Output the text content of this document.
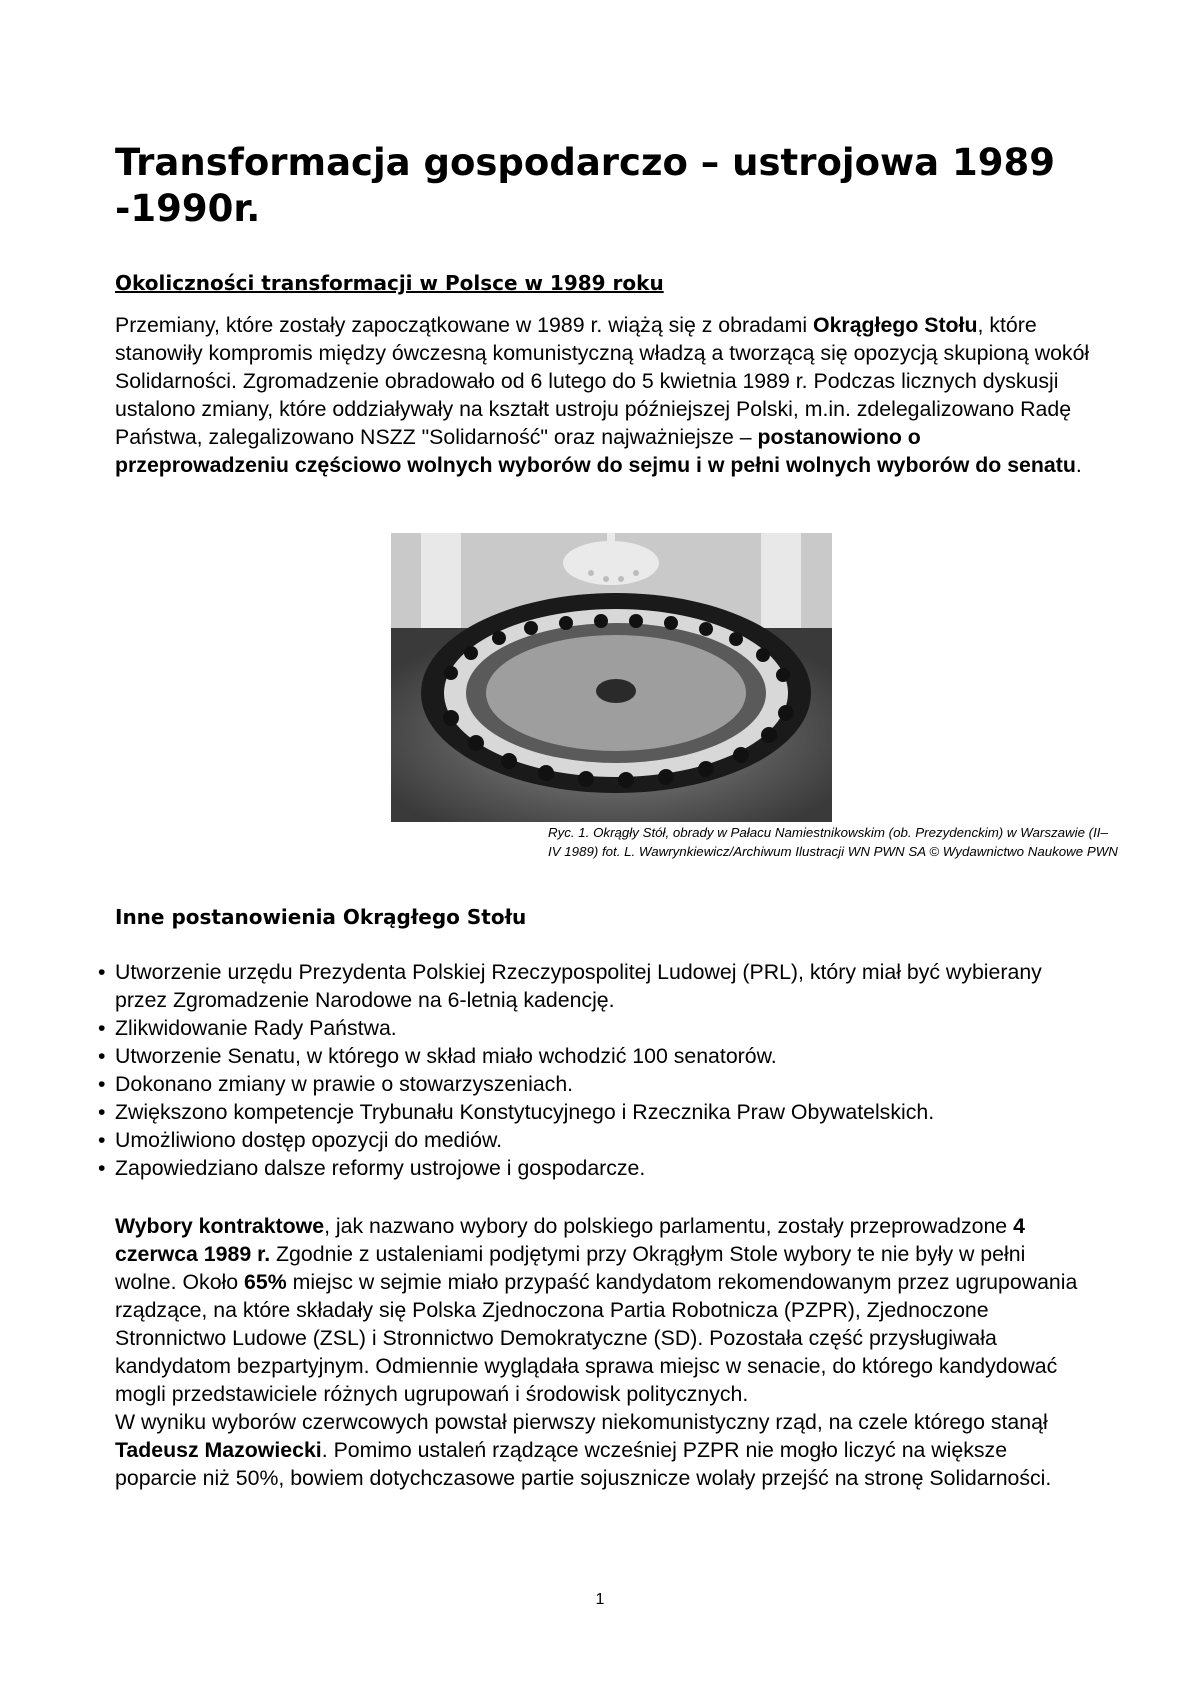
Transformacja gospodarczo – ustrojowa 1989 -1990r.
Okoliczności transformacji w Polsce w 1989 roku

Przemiany, które zostały zapoczątkowane w 1989 r. wiążą się z obradami Okrągłego Stołu, które stanowiły kompromis między ówczesną komunistyczną władzą a tworzącą się opozycją skupioną wokół Solidarności. Zgromadzenie obradowało od 6 lutego do 5 kwietnia 1989 r. Podczas licznych dyskusji ustalono zmiany, które oddziaływały na kształt ustroju późniejszej Polski, m.in. zdelegalizowano Radę Państwa, zalegalizowano NSZZ "Solidarność" oraz najważniejsze – postanowiono o przeprowadzeniu częściowo wolnych wyborów do sejmu i w pełni wolnych wyborów do senatu.

Ryc. 1. Okrągły Stół, obrady w Pałacu Namiestnikowskim (ob. Prezydenckim) w Warszawie (II–IV 1989) fot. L. Wawrynkiewicz/Archiwum Ilustracji WN PWN SA © Wydawnictwo Naukowe PWN

Inne postanowienia Okrągłego Stołu
• Utworzenie urzędu Prezydenta Polskiej Rzeczypospolitej Ludowej (PRL), który miał być wybierany przez Zgromadzenie Narodowe na 6-letnią kadencję.
• Zlikwidowanie Rady Państwa.
• Utworzenie Senatu, w którego w skład miało wchodzić 100 senatorów.
• Dokonano zmiany w prawie o stowarzyszeniach.
• Zwiększono kompetencje Trybunału Konstytucyjnego i Rzecznika Praw Obywatelskich.
• Umożliwiono dostęp opozycji do mediów.
• Zapowiedziano dalsze reformy ustrojowe i gospodarcze.
Wybory kontraktowe, jak nazwano wybory do polskiego parlamentu, zostały przeprowadzone 4 czerwca 1989 r. Zgodnie z ustaleniami podjętymi przy Okrągłym Stole wybory te nie były w pełni wolne. Około 65% miejsc w sejmie miało przypaść kandydatom rekomendowanym przez ugrupowania rządzące, na które składały się Polska Zjednoczona Partia Robotnicza (PZPR), Zjednoczone Stronnictwo Ludowe (ZSL) i Stronnictwo Demokratyczne (SD). Pozostała część przysługiwała kandydatom bezpartyjnym. Odmiennie wyglądała sprawa miejsc w senacie, do którego kandydować mogli przedstawiciele różnych ugrupowań i środowisk politycznych.
W wyniku wyborów czerwcowych powstał pierwszy niekomunistyczny rząd, na czele którego stanął Tadeusz Mazowiecki. Pomimo ustaleń rządzące wcześniej PZPR nie mogło liczyć na większe poparcie niż 50%, bowiem dotychczasowe partie sojusznicze wolały przejść na stronę Solidarności.
1
